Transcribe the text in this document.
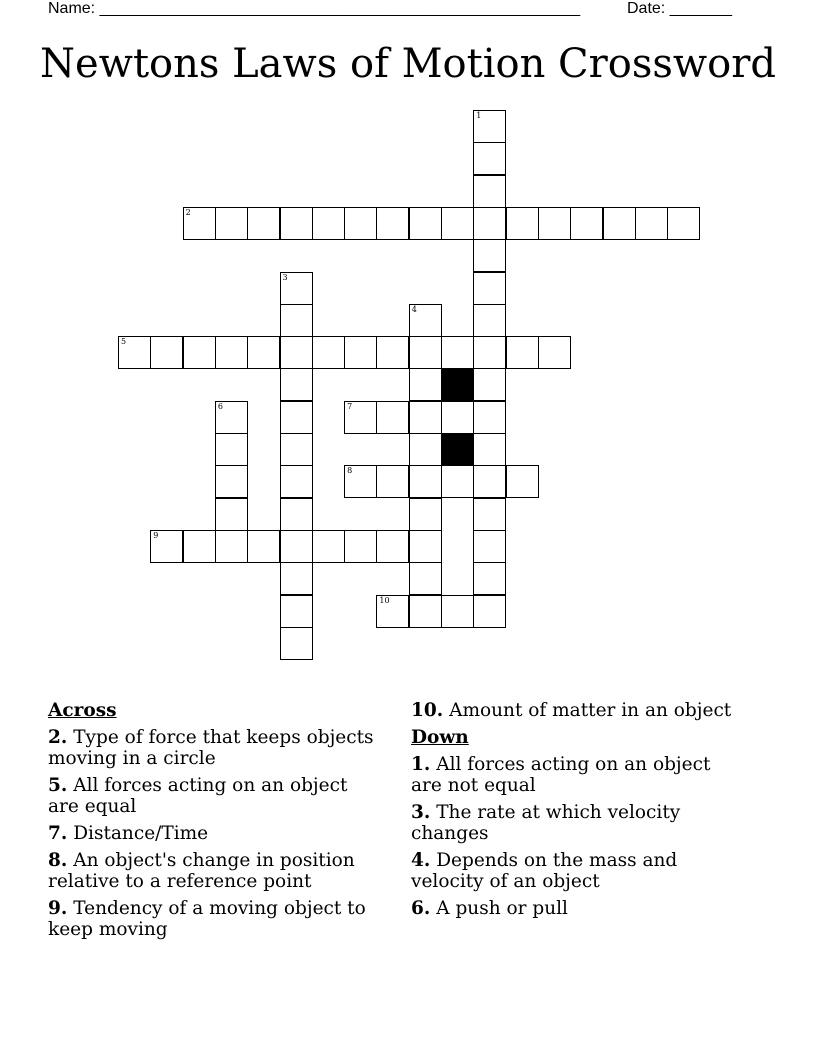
Name: ______________________________________________________	Date: _______
Newtons Laws of Motion Crossword
1
2
3
4
5
6	7
8
9
10
Across
2. Type of force that keeps objects moving in a circle
5. All forces acting on an object are equal
7. Distance/Time
8. An object's change in position relative to a reference point
9. Tendency of a moving object to keep moving
10. Amount of matter in an object
Down
1. All forces acting on an object are not equal
3. The rate at which velocity changes
4. Depends on the mass and velocity of an object
6. A push or pull
